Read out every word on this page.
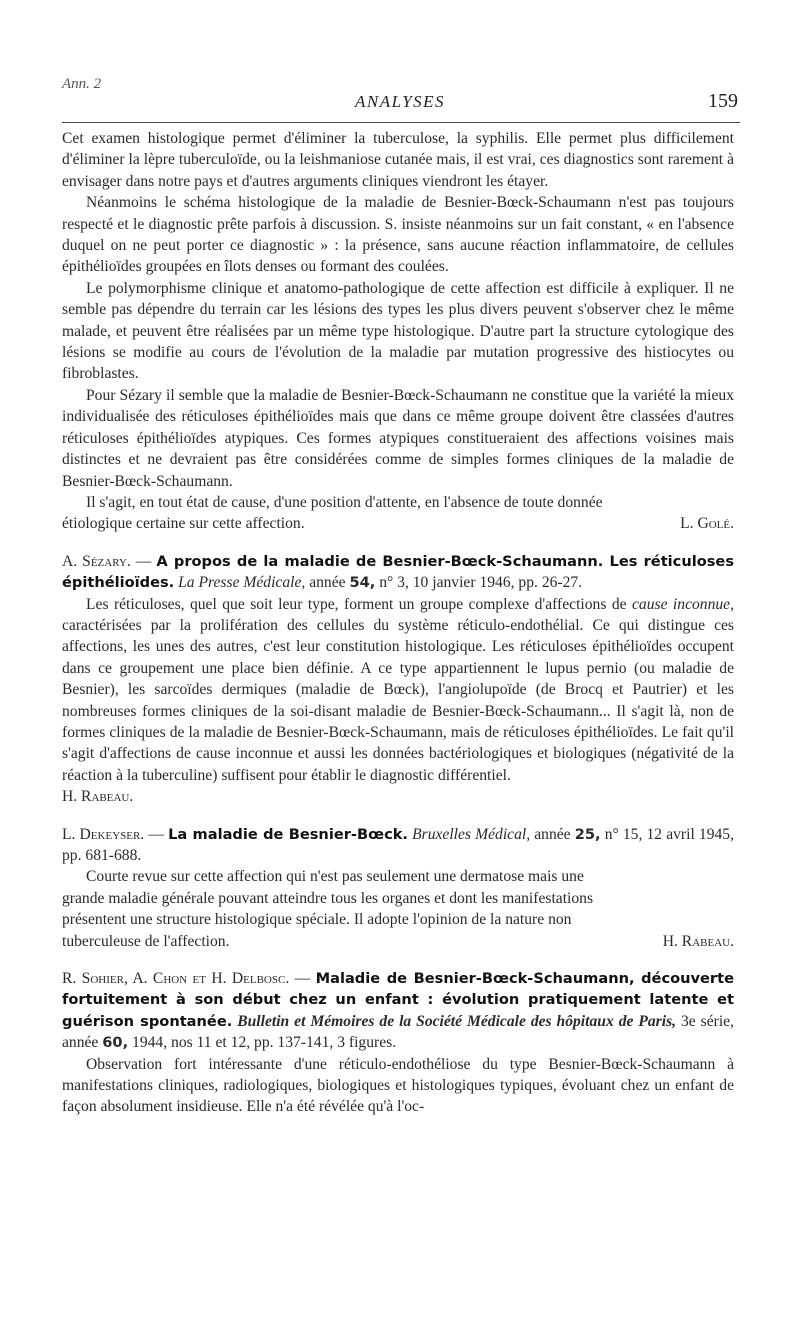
Ann. 2
ANALYSES	159

Cet examen histologique permet d'éliminer la tuberculose, la syphilis. Elle permet plus difficilement d'éliminer la lèpre tuberculoïde, ou la leishmaniose cutanée mais, il est vrai, ces diagnostics sont rarement à envisager dans notre pays et d'autres arguments cliniques viendront les étayer.

Néanmoins le schéma histologique de la maladie de Besnier-Bœck-Schaumann n'est pas toujours respecté et le diagnostic prête parfois à discussion. S. insiste néanmoins sur un fait constant, « en l'absence duquel on ne peut porter ce diagnostic » : la présence, sans aucune réaction inflammatoire, de cellules épithélioïdes groupées en îlots denses ou formant des coulées.

Le polymorphisme clinique et anatomo-pathologique de cette affection est difficile à expliquer. Il ne semble pas dépendre du terrain car les lésions des types les plus divers peuvent s'observer chez le même malade, et peuvent être réalisées par un même type histologique. D'autre part la structure cytologique des lésions se modifie au cours de l'évolution de la maladie par mutation progressive des histiocytes ou fibroblastes.

Pour Sézary il semble que la maladie de Besnier-Bœck-Schaumann ne constitue que la variété la mieux individualisée des réticuloses épithélioïdes mais que dans ce même groupe doivent être classées d'autres réticuloses épithélioïdes atypiques. Ces formes atypiques constitueraient des affections voisines mais distinctes et ne devraient pas être considérées comme de simples formes cliniques de la maladie de Besnier-Bœck-Schaumann.

Il s'agit, en tout état de cause, d'une position d'attente, en l'absence de toute donnée étiologique certaine sur cette affection.	L. Golé.

A. Sézary. — A propos de la maladie de Besnier-Bœck-Schaumann. Les réticuloses épithélioïdes. La Presse Médicale, année 54, n° 3, 10 janvier 1946, pp. 26-27.

Les réticuloses, quel que soit leur type, forment un groupe complexe d'affections de cause inconnue, caractérisées par la prolifération des cellules du système réticulo-endothélial. Ce qui distingue ces affections, les unes des autres, c'est leur constitution histologique. Les réticuloses épithélioïdes occupent dans ce groupement une place bien définie. A ce type appartiennent le lupus pernio (ou maladie de Besnier), les sarcoïdes dermiques (maladie de Bœck), l'angiolupoïde (de Brocq et Pautrier) et les nombreuses formes cliniques de la soi-disant maladie de Besnier-Bœck-Schaumann... Il s'agit là, non de formes cliniques de la maladie de Besnier-Bœck-Schaumann, mais de réticuloses épithélioïdes. Le fait qu'il s'agit d'affections de cause inconnue et aussi les données bactériologiques et biologiques (négativité de la réaction à la tuberculine) suffisent pour établir le diagnostic différentiel.

H. Rabeau.

L. Dekeyser. — La maladie de Besnier-Bœck. Bruxelles Médical, année 25, n° 15, 12 avril 1945, pp. 681-688.

Courte revue sur cette affection qui n'est pas seulement une dermatose mais une grande maladie générale pouvant atteindre tous les organes et dont les manifestations présentent une structure histologique spéciale. Il adopte l'opinion de la nature non tuberculeuse de l'affection.	H. Rabeau.

R. Sohier, A. Chon et H. Delbosc. — Maladie de Besnier-Bœck-Schaumann, découverte fortuitement à son début chez un enfant : évolution pratiquement latente et guérison spontanée. Bulletin et Mémoires de la Société Médicale des hôpitaux de Paris, 3e série, année 60, 1944, nos 11 et 12, pp. 137-141, 3 figures.

Observation fort intéressante d'une réticulo-endothéliose du type Besnier-Bœck-Schaumann à manifestations cliniques, radiologiques, biologiques et histologiques typiques, évoluant chez un enfant de façon absolument insidieuse. Elle n'a été révélée qu'à l'oc-
